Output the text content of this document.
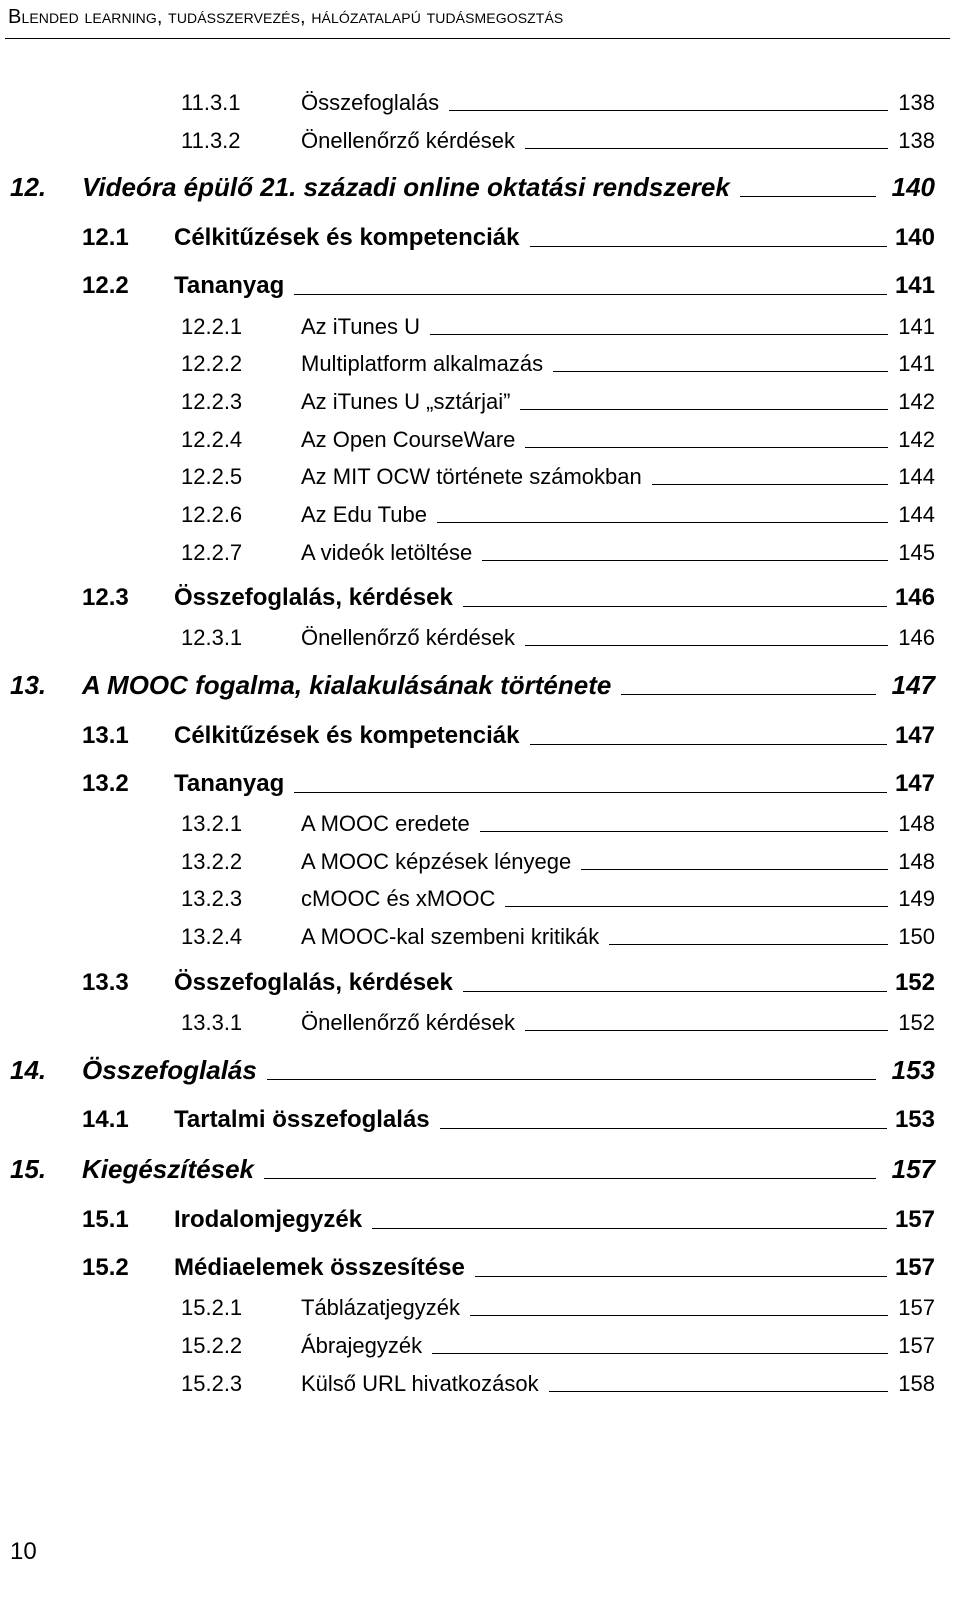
Blended learning, tudásszervezés, hálózatalapú tudásmegosztás
11.3.1	Összefoglalás	138
11.3.2	Önellenőrző kérdések	138
12.	Videóra épülő 21. századi online oktatási rendszerek	140
12.1	Célkitűzések és kompetenciák	140
12.2	Tananyag	141
12.2.1	Az iTunes U	141
12.2.2	Multiplatform alkalmazás	141
12.2.3	Az iTunes U „sztárjai”	142
12.2.4	Az Open CourseWare	142
12.2.5	Az MIT OCW története számokban	144
12.2.6	Az Edu Tube	144
12.2.7	A videók letöltése	145
12.3	Összefoglalás, kérdések	146
12.3.1	Önellenőrző kérdések	146
13.	A MOOC fogalma, kialakulásának története	147
13.1	Célkitűzések és kompetenciák	147
13.2	Tananyag	147
13.2.1	A MOOC eredete	148
13.2.2	A MOOC képzések lényege	148
13.2.3	cMOOC és xMOOC	149
13.2.4	A MOOC-kal szembeni kritikák	150
13.3	Összefoglalás, kérdések	152
13.3.1	Önellenőrző kérdések	152
14.	Összefoglalás	153
14.1	Tartalmi összefoglalás	153
15.	Kiegészítések	157
15.1	Irodalomjegyzék	157
15.2	Médiaelemek összesítése	157
15.2.1	Táblázatjegyzék	157
15.2.2	Ábrajegyzék	157
15.2.3	Külső URL hivatkozások	158
10
